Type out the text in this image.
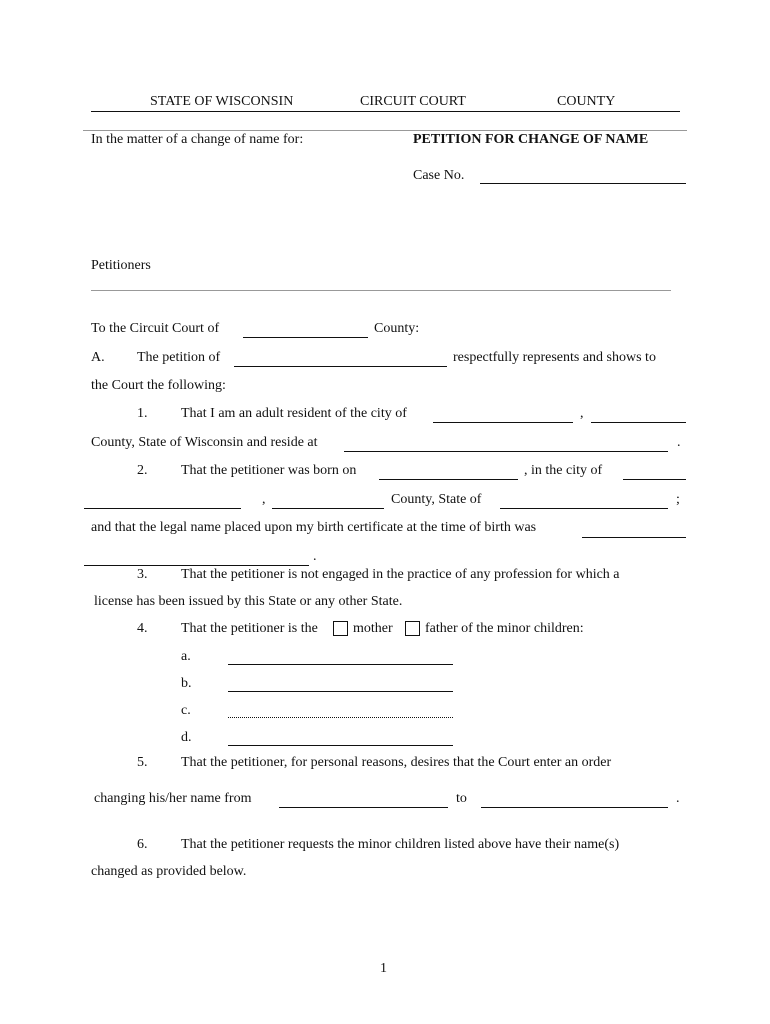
STATE OF WISCONSIN	CIRCUIT COURT	COUNTY
In the matter of a change of name for:	PETITION FOR CHANGE OF NAME
Case No.
Petitioners
To the Circuit Court of	County:
A. The petition of	respectfully represents and shows to
the Court the following:
1. That I am an adult resident of the city of	,
County, State of Wisconsin and reside at	.
2. That the petitioner was born on	, in the city of
,	County, State of	;
and that the legal name placed upon my birth certificate at the time of birth was
.
3. That the petitioner is not engaged in the practice of any profession for which a
license has been issued by this State or any other State.
4. That the petitioner is the	mother father of the minor children:
a.
b.
c.
d.
5. That the petitioner, for personal reasons, desires that the Court enter an order
changing his/her name from	to	.
6. That the petitioner requests the minor children listed above have their name(s)
changed as provided below.
1
